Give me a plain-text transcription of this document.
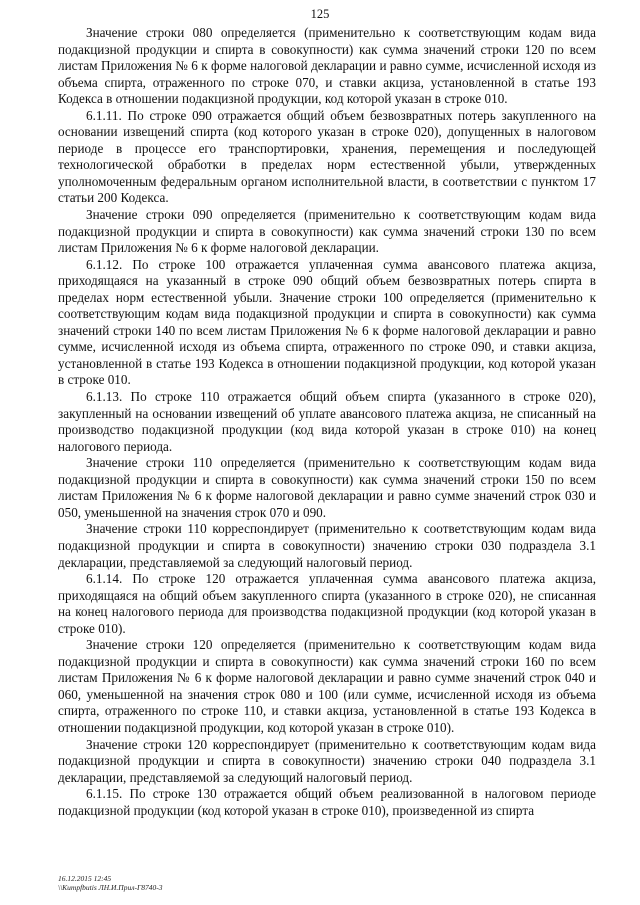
125

Значение строки 080 определяется (применительно к соответствующим кодам вида подакцизной продукции и спирта в совокупности) как сумма значений строки 120 по всем листам Приложения № 6 к форме налоговой декларации и равно сумме, исчисленной исходя из объема спирта, отраженного по строке 070, и ставки акциза, установленной в статье 193 Кодекса в отношении подакцизной продукции, код которой указан в строке 010.

6.1.11. По строке 090 отражается общий объем безвозвратных потерь закупленного на основании извещений спирта (код которого указан в строке 020), допущенных в налоговом периоде в процессе его транспортировки, хранения, перемещения и последующей технологической обработки в пределах норм естественной убыли, утвержденных уполномоченным федеральным органом исполнительной власти, в соответствии с пунктом 17 статьи 200 Кодекса.

Значение строки 090 определяется (применительно к соответствующим кодам вида подакцизной продукции и спирта в совокупности) как сумма значений строки 130 по всем листам Приложения № 6 к форме налоговой декларации.

6.1.12. По строке 100 отражается уплаченная сумма авансового платежа акциза, приходящаяся на указанный в строке 090 общий объем безвозвратных потерь спирта в пределах норм естественной убыли. Значение строки 100 определяется (применительно к соответствующим кодам вида подакцизной продукции и спирта в совокупности) как сумма значений строки 140 по всем листам Приложения № 6 к форме налоговой декларации и равно сумме, исчисленной исходя из объема спирта, отраженного по строке 090, и ставки акциза, установленной в статье 193 Кодекса в отношении подакцизной продукции, код которой указан в строке 010.

6.1.13. По строке 110 отражается общий объем спирта (указанного в строке 020), закупленный на основании извещений об уплате авансового платежа акциза, не списанный на производство подакцизной продукции (код вида которой указан в строке 010) на конец налогового периода.

Значение строки 110 определяется (применительно к соответствующим кодам вида подакцизной продукции и спирта в совокупности) как сумма значений строки 150 по всем листам Приложения № 6 к форме налоговой декларации и равно сумме значений строк 030 и 050, уменьшенной на значения строк 070 и 090.

Значение строки 110 корреспондирует (применительно к соответствующим кодам вида подакцизной продукции и спирта в совокупности) значению строки 030 подраздела 3.1 декларации, представляемой за следующий налоговый период.

6.1.14. По строке 120 отражается уплаченная сумма авансового платежа акциза, приходящаяся на общий объем закупленного спирта (указанного в строке 020), не списанная на конец налогового периода для производства подакцизной продукции (код которой указан в строке 010).

Значение строки 120 определяется (применительно к соответствующим кодам вида подакцизной продукции и спирта в совокупности) как сумма значений строки 160 по всем листам Приложения № 6 к форме налоговой декларации и равно сумме значений строк 040 и 060, уменьшенной на значения строк 080 и 100 (или сумме, исчисленной исходя из объема спирта, отраженного по строке 110, и ставки акциза, установленной в статье 193 Кодекса в отношении подакцизной продукции, код которой указан в строке 010).

Значение строки 120 корреспондирует (применительно к соответствующим кодам вида подакцизной продукции и спирта в совокупности) значению строки 040 подраздела 3.1 декларации, представляемой за следующий налоговый период.

6.1.15. По строке 130 отражается общий объем реализованной в налоговом периоде подакцизной продукции (код которой указан в строке 010), произведенной из спирта

16.12.2015 12:45
\\Kumpfbutis ЛН.И.Прил-Г8740-3
